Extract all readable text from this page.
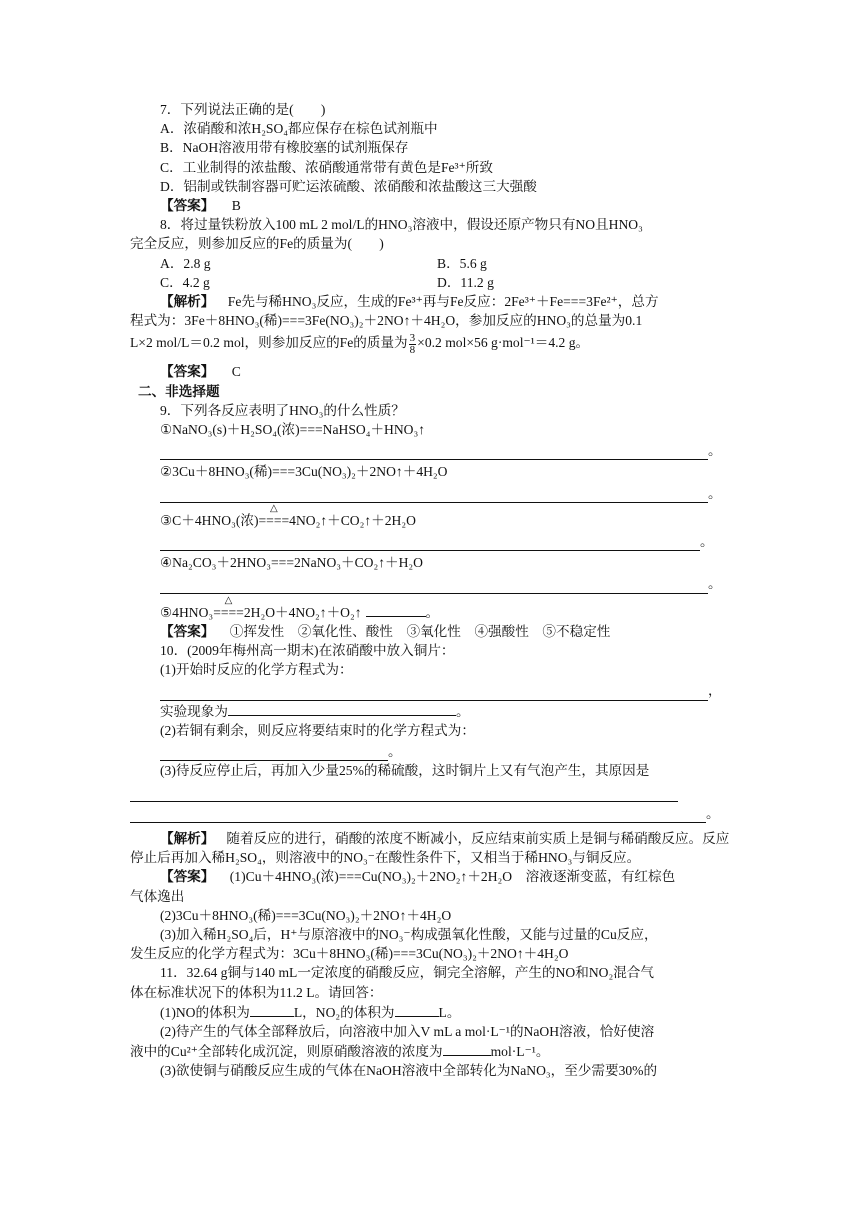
7．下列说法正确的是(　　)
A．浓硝酸和浓H₂SO₄都应保存在棕色试剂瓶中
B．NaOH溶液用带有橡胶塞的试剂瓶保存
C．工业制得的浓盐酸、浓硝酸通常带有黄色是Fe³⁺所致
D．铝制或铁制容器可贮运浓硫酸、浓硝酸和浓盐酸这三大强酸
【答案】 B
8．将过量铁粉放入100 mL 2 mol/L的HNO₃溶液中，假设还原产物只有NO且HNO₃
完全反应，则参加反应的Fe的质量为(　　)
A．2.8 g	B．5.6 g
C．4.2 g	D．11.2 g
【解析】 Fe先与稀HNO₃反应，生成的Fe³⁺再与Fe反应：2Fe³⁺＋Fe===3Fe²⁺，总方
程式为：3Fe＋8HNO₃(稀)===3Fe(NO₃)₂＋2NO↑＋4H₂O，参加反应的HNO₃的总量为0.1
L×2 mol/L＝0.2 mol，则参加反应的Fe的质量为 $\frac{3}{8} \times 0.2$ mol×56 g·mol⁻¹＝4.2 g。
【答案】 C
二、非选择题
9．下列各反应表明了HNO₃的什么性质？
①NaNO₃(s)＋H₂SO₄(浓)===NaHSO₄＋HNO₃↑
。
②3Cu＋8HNO₃(稀)===3Cu(NO₃)₂＋2NO↑＋4H₂O
。
③C＋4HNO₃(浓)
△
====4NO₂↑＋CO₂↑＋2H₂O
。
④Na₂CO₃＋2HNO₃===2NaNO₃＋CO₂↑＋H₂O
。
⑤4HNO₃
△
====2H₂O＋4NO₂↑＋O₂↑	。
【答案】 ①挥发性　②氧化性、酸性　③氧化性　④强酸性　⑤不稳定性
10．(2009年梅州高一期末)在浓硝酸中放入铜片：
(1)开始时反应的化学方程式为：
，
实验现象为	。
(2)若铜有剩余，则反应将要结束时的化学方程式为：
。
(3)待反应停止后，再加入少量25%的稀硫酸，这时铜片上又有气泡产生，其原因是
。
【解析】 随着反应的进行，硝酸的浓度不断减小，反应结束前实质上是铜与稀硝酸反应。反应停止后再加入稀H₂SO₄，则溶液中的NO₃⁻在酸性条件下，又相当于稀HNO₃与铜反应。
【答案】 (1)Cu＋4HNO₃(浓)===Cu(NO₃)₂＋2NO₂↑＋2H₂O　溶液逐渐变蓝，有红棕色
气体逸出
(2)3Cu＋8HNO₃(稀)===3Cu(NO₃)₂＋2NO↑＋4H₂O
(3)加入稀H₂SO₄后，H⁺与原溶液中的NO₃⁻构成强氧化性酸，又能与过量的Cu反应，
发生反应的化学方程式为：3Cu＋8HNO₃(稀)===3Cu(NO₃)₂＋2NO↑＋4H₂O
11．32.64 g铜与140 mL一定浓度的硝酸反应，铜完全溶解，产生的NO和NO₂混合气
体在标准状况下的体积为11.2 L。请回答：
(1)NO的体积为	L，NO₂的体积为	L。
(2)待产生的气体全部释放后，向溶液中加入V mL a mol·L⁻¹的NaOH溶液，恰好使溶
液中的Cu²⁺全部转化成沉淀，则原硝酸溶液的浓度为	mol·L⁻¹。
(3)欲使铜与硝酸反应生成的气体在NaOH溶液中全部转化为NaNO₃，至少需要30%的
